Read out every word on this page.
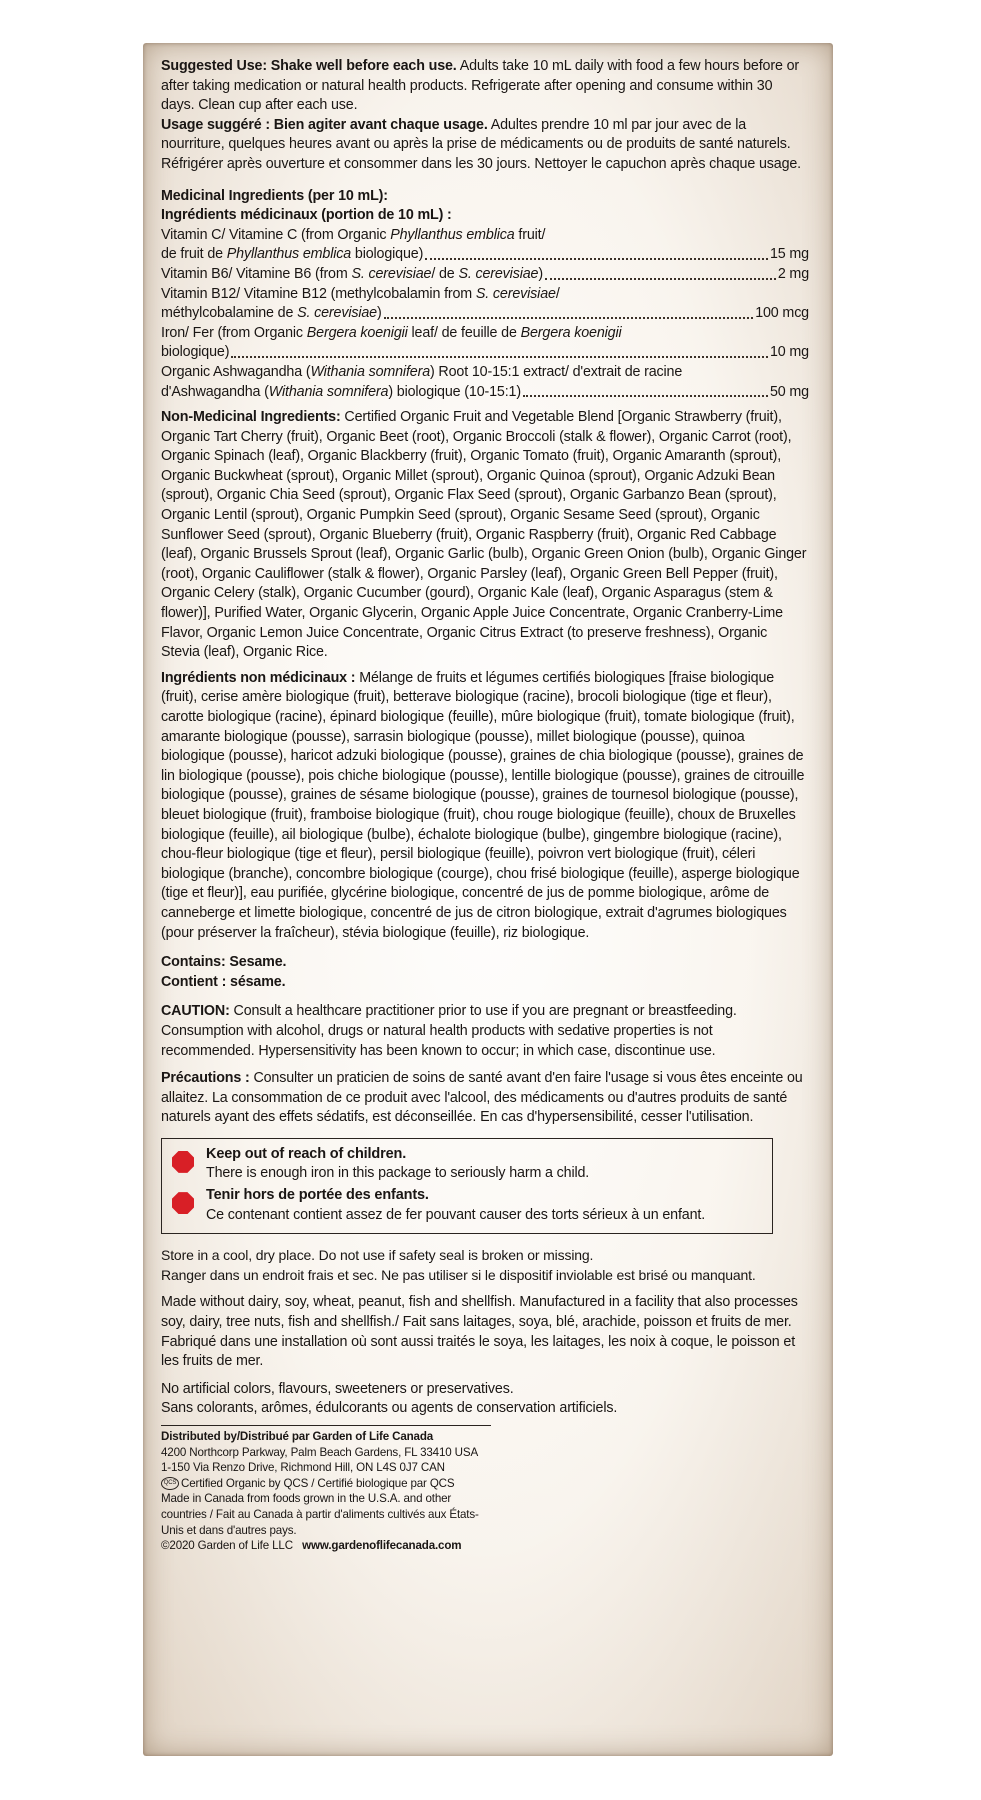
Suggested Use: Shake well before each use. Adults take 10 mL daily with food a few hours before or after taking medication or natural health products. Refrigerate after opening and consume within 30 days. Clean cup after each use.

Usage suggéré : Bien agiter avant chaque usage. Adultes prendre 10 ml par jour avec de la nourriture, quelques heures avant ou après la prise de médicaments ou de produits de santé naturels. Réfrigérer après ouverture et consommer dans les 30 jours. Nettoyer le capuchon après chaque usage.

Medicinal Ingredients (per 10 mL):

Ingrédients médicinaux (portion de 10 mL) :

Vitamin C/ Vitamine C (from Organic Phyllanthus emblica fruit/

de fruit de Phyllanthus emblica biologique)	15 mg
Vitamin B6/ Vitamine B6 (from S. cerevisiae/ de S. cerevisiae)	2 mg

Vitamin B12/ Vitamine B12 (methylcobalamin from S. cerevisiae/

méthylcobalamine de S. cerevisiae)	100 mcg

Iron/ Fer (from Organic Bergera koenigii leaf/ de feuille de Bergera koenigii

biologique)	10 mg

Organic Ashwagandha (Withania somnifera) Root 10-15:1 extract/ d'extrait de racine

d'Ashwagandha (Withania somnifera) biologique (10-15:1)	50 mg

Non-Medicinal Ingredients: Certified Organic Fruit and Vegetable Blend [Organic Strawberry (fruit), Organic Tart Cherry (fruit), Organic Beet (root), Organic Broccoli (stalk & flower), Organic Carrot (root), Organic Spinach (leaf), Organic Blackberry (fruit), Organic Tomato (fruit), Organic Amaranth (sprout), Organic Buckwheat (sprout), Organic Millet (sprout), Organic Quinoa (sprout), Organic Adzuki Bean (sprout), Organic Chia Seed (sprout), Organic Flax Seed (sprout), Organic Garbanzo Bean (sprout), Organic Lentil (sprout), Organic Pumpkin Seed (sprout), Organic Sesame Seed (sprout), Organic Sunflower Seed (sprout), Organic Blueberry (fruit), Organic Raspberry (fruit), Organic Red Cabbage (leaf), Organic Brussels Sprout (leaf), Organic Garlic (bulb), Organic Green Onion (bulb), Organic Ginger (root), Organic Cauliflower (stalk & flower), Organic Parsley (leaf), Organic Green Bell Pepper (fruit), Organic Celery (stalk), Organic Cucumber (gourd), Organic Kale (leaf), Organic Asparagus (stem & flower)], Purified Water, Organic Glycerin, Organic Apple Juice Concentrate, Organic Cranberry-Lime Flavor, Organic Lemon Juice Concentrate, Organic Citrus Extract (to preserve freshness), Organic Stevia (leaf), Organic Rice.

Ingrédients non médicinaux : Mélange de fruits et légumes certifiés biologiques [fraise biologique (fruit), cerise amère biologique (fruit), betterave biologique (racine), brocoli biologique (tige et fleur), carotte biologique (racine), épinard biologique (feuille), mûre biologique (fruit), tomate biologique (fruit), amarante biologique (pousse), sarrasin biologique (pousse), millet biologique (pousse), quinoa biologique (pousse), haricot adzuki biologique (pousse), graines de chia biologique (pousse), graines de lin biologique (pousse), pois chiche biologique (pousse), lentille biologique (pousse), graines de citrouille biologique (pousse), graines de sésame biologique (pousse), graines de tournesol biologique (pousse), bleuet biologique (fruit), framboise biologique (fruit), chou rouge biologique (feuille), choux de Bruxelles biologique (feuille), ail biologique (bulbe), échalote biologique (bulbe), gingembre biologique (racine), chou-fleur biologique (tige et fleur), persil biologique (feuille), poivron vert biologique (fruit), céleri biologique (branche), concombre biologique (courge), chou frisé biologique (feuille), asperge biologique (tige et fleur)], eau purifiée, glycérine biologique, concentré de jus de pomme biologique, arôme de canneberge et limette biologique, concentré de jus de citron biologique, extrait d'agrumes biologiques (pour préserver la fraîcheur), stévia biologique (feuille), riz biologique.

Contains: Sesame.

Contient : sésame.

CAUTION: Consult a healthcare practitioner prior to use if you are pregnant or breastfeeding. Consumption with alcohol, drugs or natural health products with sedative properties is not recommended. Hypersensitivity has been known to occur; in which case, discontinue use.

Précautions : Consulter un praticien de soins de santé avant d'en faire l'usage si vous êtes enceinte ou allaitez. La consommation de ce produit avec l'alcool, des médicaments ou d'autres produits de santé naturels ayant des effets sédatifs, est déconseillée. En cas d'hypersensibilité, cesser l'utilisation.

Keep out of reach of children.
There is enough iron in this package to seriously harm a child.
Tenir hors de portée des enfants.
Ce contenant contient assez de fer pouvant causer des torts sérieux à un enfant.

Store in a cool, dry place. Do not use if safety seal is broken or missing.

Ranger dans un endroit frais et sec. Ne pas utiliser si le dispositif inviolable est brisé ou manquant.

Made without dairy, soy, wheat, peanut, fish and shellfish. Manufactured in a facility that also processes soy, dairy, tree nuts, fish and shellfish./ Fait sans laitages, soya, blé, arachide, poisson et fruits de mer. Fabriqué dans une installation où sont aussi traités le soya, les laitages, les noix à coque, le poisson et les fruits de mer.

No artificial colors, flavours, sweeteners or preservatives.

Sans colorants, arômes, édulcorants ou agents de conservation artificiels.

Distributed by/Distribué par Garden of Life Canada

4200 Northcorp Parkway, Palm Beach Gardens, FL 33410 USA

1-150 Via Renzo Drive, Richmond Hill, ON L4S 0J7 CAN

QCS Certified Organic by QCS / Certifié biologique par QCS

Made in Canada from foods grown in the U.S.A. and other countries / Fait au Canada à partir d'aliments cultivés aux États-Unis et dans d'autres pays.

©2020 Garden of Life LLC www.gardenoflifecanada.com
